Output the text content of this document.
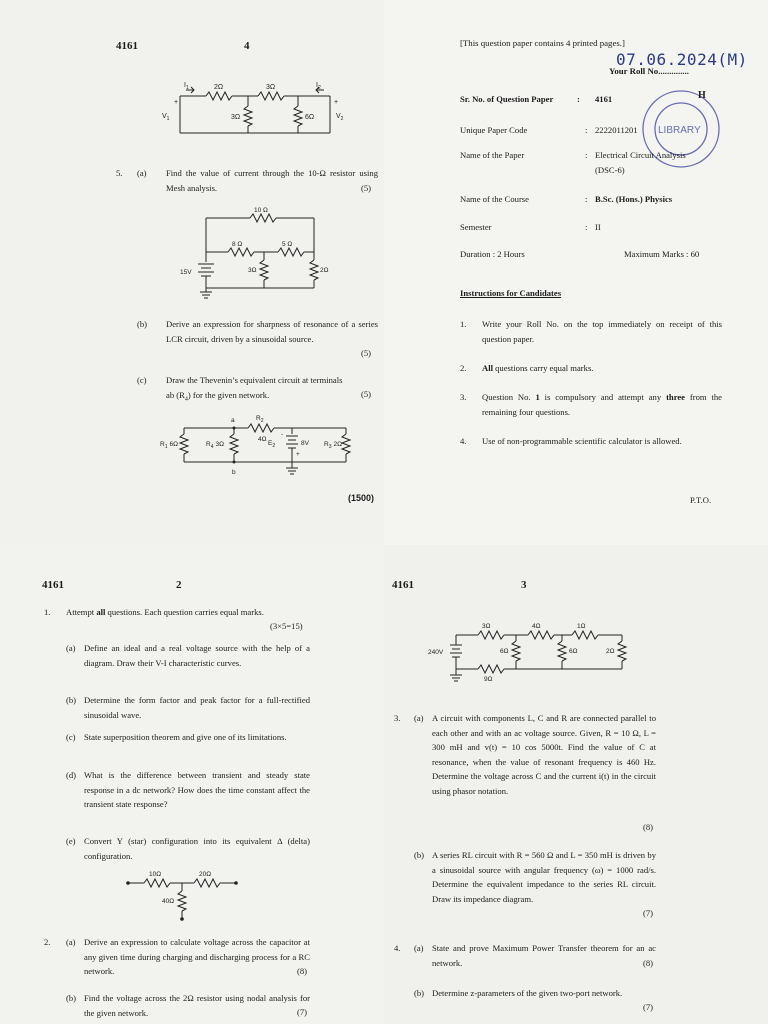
4161	4
$I_1$	2Ω	3Ω	$I_2$
3Ω	6Ω
+	+
$V_1$	$V_2$
5. (a) Find the value of current through the 10-Ω resistor using Mesh analysis.	(5)
10 Ω
8 Ω	5 Ω
3Ω	2Ω
15V
(b) Derive an expression for sharpness of resonance of a series LCR circuit, driven by a sinusoidal source.
(5)
(c) Draw the Thevenin’s equivalent circuit at terminals
ab $(R_4)$ for the given network.	(5)
a
b
$R_1$ 6Ω	$R_4$ 3Ω
$R_2$
4Ω
$E_2$	8V
-
+
$R_3$ 2Ω
(1500)
[This question paper contains 4 printed pages.]
07.06.2024(M)
Your Roll No..............
LIBRARY
Sr. No. of Question Paper	: 4161	H
Unique Paper Code	: 2222011201
Name of the Paper	: Electrical Circuit Analysis
(DSC-6)
Name of the Course	: B.Sc. (Hons.) Physics
Semester	: II
Duration : 2 Hours	Maximum Marks : 60
Instructions for Candidates
1. Write your Roll No. on the top immediately on receipt of this question paper.
2. All questions carry equal marks.
3. Question No. 1 is compulsory and attempt any three from the remaining four questions.
4. Use of non-programmable scientific calculator is allowed.
P.T.O.
4161	2
1. Attempt all questions. Each question carries equal marks.
(3×5=15)
(a) Define an ideal and a real voltage source with the help of a diagram. Draw their V-I characteristic curves.
(b) Determine the form factor and peak factor for a full-rectified sinusoidal wave.
(c) State superposition theorem and give one of its limitations.
(d) What is the difference between transient and steady state response in a dc network? How does the time constant affect the transient state response?
(e) Convert Y (star) configuration into its equivalent Δ (delta) configuration.
10Ω	20Ω
40Ω
2. (a) Derive an expression to calculate voltage across the capacitor at any given time during charging and discharging process for a RC network.	(8)
(b) Find the voltage across the 2Ω resistor using nodal analysis for the given network.	(7)
4161	3
3Ω	4Ω	1Ω
6Ω	6Ω	2Ω
9Ω
240V
3. (a) A circuit with components L, C and R are connected parallel to each other and with an ac voltage source. Given, R = 10 Ω, L = 300 mH and v(t) = 10 cos 5000t. Find the value of C at resonance, when the value of resonant frequency is 460 Hz. Determine the voltage across C and the current i(t) in the circuit using phasor notation.
(8)
(b) A series RL circuit with R = 560 Ω and L = 350 mH is driven by a sinusoidal source with angular frequency (ω) = 1000 rad/s. Determine the equivalent impedance to the series RL circuit. Draw its impedance diagram.
(7)
4. (a) State and prove Maximum Power Transfer theorem for an ac network.	(8)
(b) Determine z-parameters of the given two-port network.
(7)
